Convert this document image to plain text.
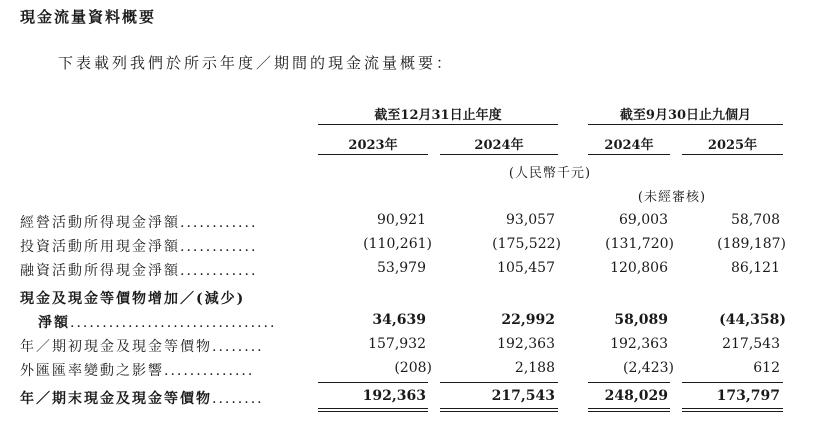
現金流量資料概要
下表載列我們於所示年度／期間的現金流量概要：
截至12月31日止年度	截至9月30日止九個月
2023年	2024年	2024年	2025年
(人民幣千元)
(未經審核)
經營活動所得現金淨額............	90,921	93,057	69,003	58,708
投資活動所用現金淨額............	(110,261)	(175,522)	(131,720)	(189,187)
融資活動所得現金淨額............	53,979	105,457	120,806	86,121
現金及現金等價物增加／(減少)
淨額................................	34,639	22,992	58,089	(44,358)
年／期初現金及現金等價物........	157,932	192,363	192,363	217,543
外匯匯率變動之影響..............	(208)	2,188	(2,423)	612
年／期末現金及現金等價物........	192,363	217,543	248,029	173,797
